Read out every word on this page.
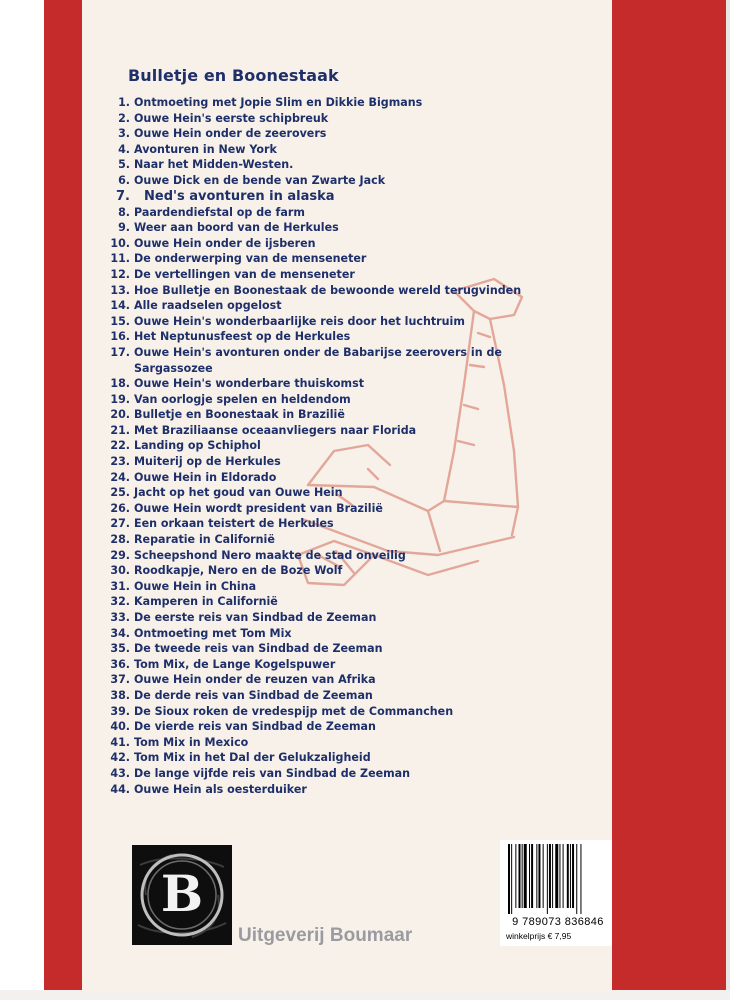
Bulletje en Boonestaak
1. Ontmoeting met Jopie Slim en Dikkie Bigmans
2. Ouwe Hein's eerste schipbreuk
3. Ouwe Hein onder de zeerovers
4. Avonturen in New York
5. Naar het Midden-Westen.
6. Ouwe Dick en de bende van Zwarte Jack
7.	Ned's avonturen in alaska
8. Paardendiefstal op de farm
9. Weer aan boord van de Herkules
10. Ouwe Hein onder de ijsberen
11. De onderwerping van de menseneter
12. De vertellingen van de menseneter
13. Hoe Bulletje en Boonestaak de bewoonde wereld terugvinden
14. Alle raadselen opgelost
15. Ouwe Hein's wonderbaarlijke reis door het luchtruim
16. Het Neptunusfeest op de Herkules
17. Ouwe Hein's avonturen onder de Babarijse zeerovers in de Sargassozee
18. Ouwe Hein's wonderbare thuiskomst
19. Van oorlogje spelen en heldendom
20. Bulletje en Boonestaak in Brazilië
21. Met Braziliaanse oceaanvliegers naar Florida
22. Landing op Schiphol
23. Muiterij op de Herkules
24. Ouwe Hein in Eldorado
25. Jacht op het goud van Ouwe Hein
26. Ouwe Hein wordt president van Brazilië
27. Een orkaan teistert de Herkules
28. Reparatie in Californië
29. Scheepshond Nero maakte de stad onveilig
30. Roodkapje, Nero en de Boze Wolf
31. Ouwe Hein in China
32. Kamperen in Californië
33. De eerste reis van Sindbad de Zeeman
34. Ontmoeting met Tom Mix
35. De tweede reis van Sindbad de Zeeman
36. Tom Mix, de Lange Kogelspuwer
37. Ouwe Hein onder de reuzen van Afrika
38. De derde reis van Sindbad de Zeeman
39. De Sioux roken de vredespijp met de Commanchen
40. De vierde reis van Sindbad de Zeeman
41. Tom Mix in Mexico
42. Tom Mix in het Dal der Gelukzaligheid
43. De lange vijfde reis van Sindbad de Zeeman
44. Ouwe Hein als oesterduiker
B
Uitgeverij Boumaar
9 789073 836846
winkelprijs € 7,95
